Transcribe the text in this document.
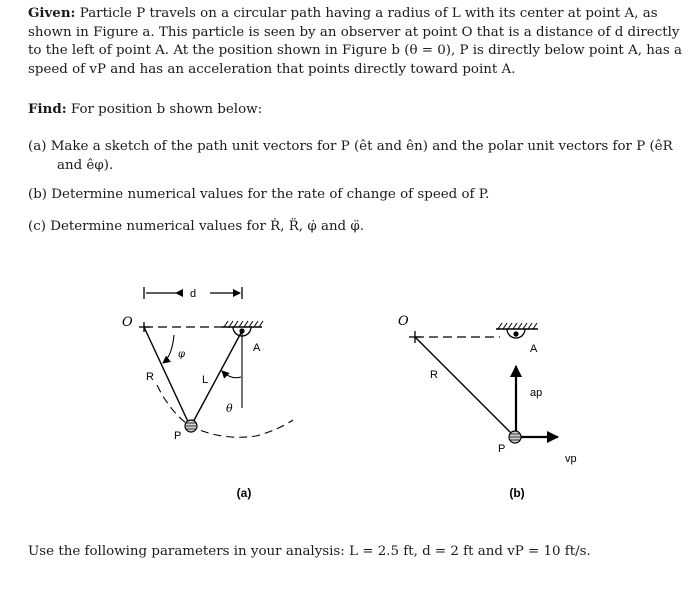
Given: Particle P travels on a circular path having a radius of L with its center at point A, as shown in Figure a. This particle is seen by an observer at point O that is a distance of d directly to the left of point A. At the position shown in Figure b (θ = 0), P is directly below point A, has a speed of vP and has an acceleration that points directly toward point A.

Find: For position b shown below:

(a) Make a sketch of the path unit vectors for P (êt and ên) and the polar unit vectors for P (êR
and êφ).
(b) Determine numerical values for the rate of change of speed of P.
(c) Determine numerical values for Ṙ, R̈, φ̇ and φ̈.
d
O
A
R	L
θ
φ
P
(a)
O
A
R
ap
vp
P
(b)

Use the following parameters in your analysis: L = 2.5 ft, d = 2 ft and vP = 10 ft/s.
